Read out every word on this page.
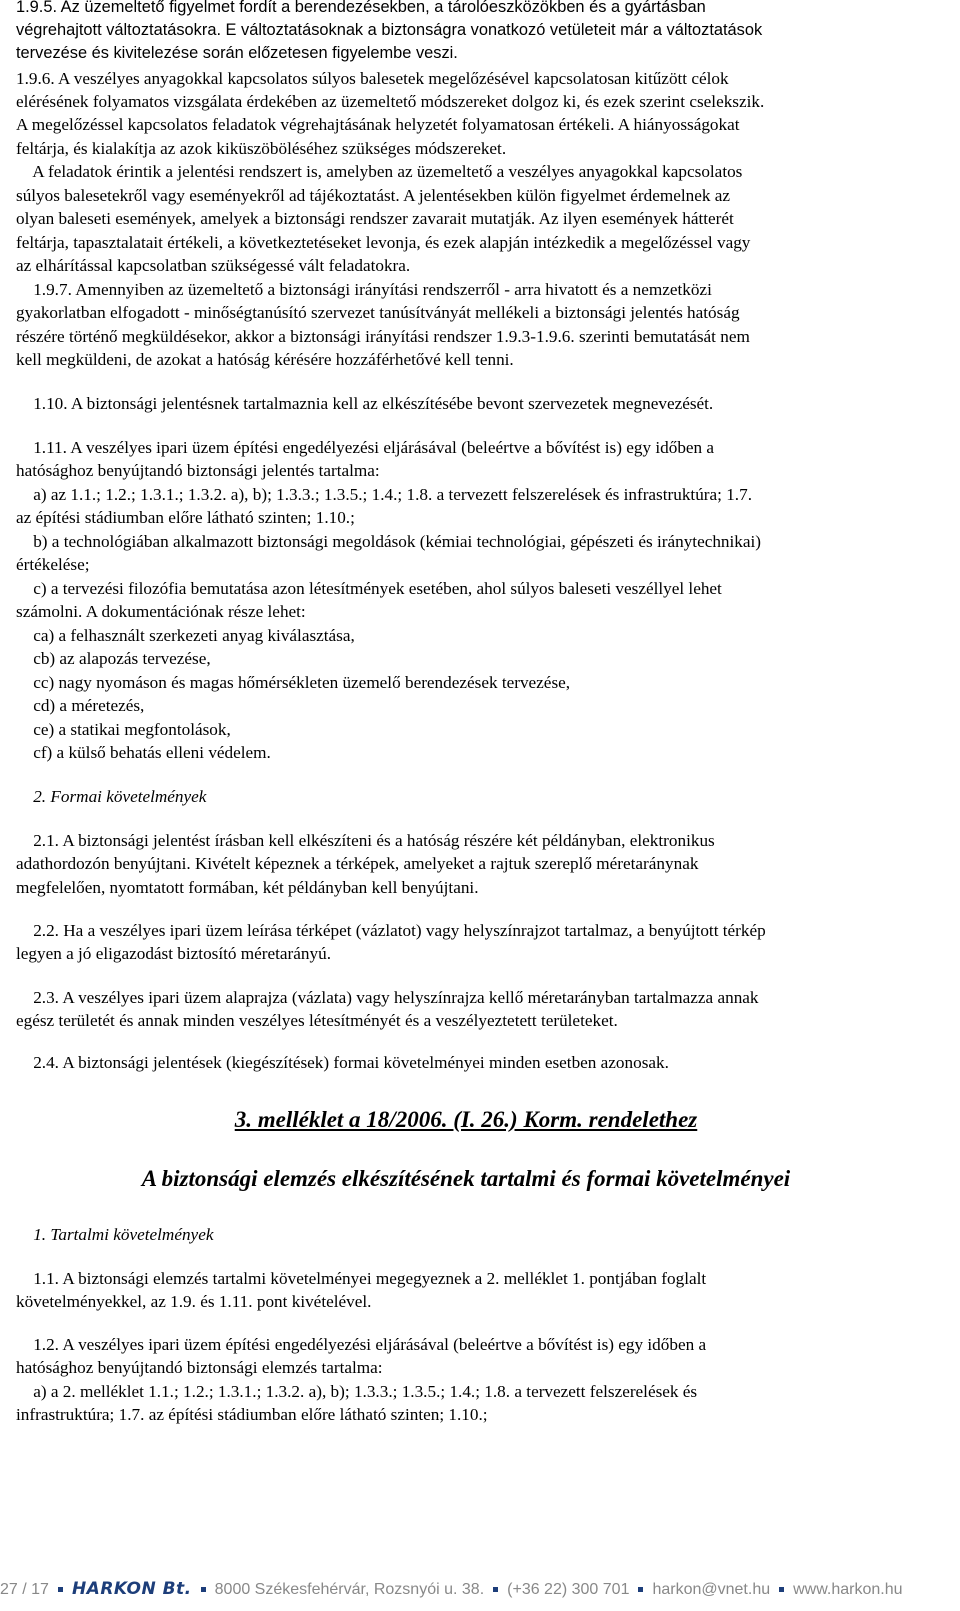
1.9.5. Az üzemeltető figyelmet fordít a berendezésekben, a tárolóeszközökben és a gyártásban

végrehajtott változtatásokra. E változtatásoknak a biztonságra vonatkozó vetületeit már a változtatások

tervezése és kivitelezése során előzetesen figyelembe veszi.

1.9.6. A veszélyes anyagokkal kapcsolatos súlyos balesetek megelőzésével kapcsolatosan kitűzött célok

elérésének folyamatos vizsgálata érdekében az üzemeltető módszereket dolgoz ki, és ezek szerint cselekszik.

A megelőzéssel kapcsolatos feladatok végrehajtásának helyzetét folyamatosan értékeli. A hiányosságokat

feltárja, és kialakítja az azok kiküszöböléséhez szükséges módszereket.

A feladatok érintik a jelentési rendszert is, amelyben az üzemeltető a veszélyes anyagokkal kapcsolatos

súlyos balesetekről vagy eseményekről ad tájékoztatást. A jelentésekben külön figyelmet érdemelnek az

olyan baleseti események, amelyek a biztonsági rendszer zavarait mutatják. Az ilyen események hátterét

feltárja, tapasztalatait értékeli, a következtetéseket levonja, és ezek alapján intézkedik a megelőzéssel vagy

az elhárítással kapcsolatban szükségessé vált feladatokra.

1.9.7. Amennyiben az üzemeltető a biztonsági irányítási rendszerről - arra hivatott és a nemzetközi

gyakorlatban elfogadott - minőségtanúsító szervezet tanúsítványát mellékeli a biztonsági jelentés hatóság

részére történő megküldésekor, akkor a biztonsági irányítási rendszer 1.9.3-1.9.6. szerinti bemutatását nem

kell megküldeni, de azokat a hatóság kérésére hozzáférhetővé kell tenni.

1.10. A biztonsági jelentésnek tartalmaznia kell az elkészítésébe bevont szervezetek megnevezését.

1.11. A veszélyes ipari üzem építési engedélyezési eljárásával (beleértve a bővítést is) egy időben a

hatósághoz benyújtandó biztonsági jelentés tartalma:

a) az 1.1.; 1.2.; 1.3.1.; 1.3.2. a), b); 1.3.3.; 1.3.5.; 1.4.; 1.8. a tervezett felszerelések és infrastruktúra; 1.7.

az építési stádiumban előre látható szinten; 1.10.;

b) a technológiában alkalmazott biztonsági megoldások (kémiai technológiai, gépészeti és iránytechnikai)

értékelése;

c) a tervezési filozófia bemutatása azon létesítmények esetében, ahol súlyos baleseti veszéllyel lehet

számolni. A dokumentációnak része lehet:

ca) a felhasznált szerkezeti anyag kiválasztása,

cb) az alapozás tervezése,

cc) nagy nyomáson és magas hőmérsékleten üzemelő berendezések tervezése,

cd) a méretezés,

ce) a statikai megfontolások,

cf) a külső behatás elleni védelem.

2. Formai követelmények

2.1. A biztonsági jelentést írásban kell elkészíteni és a hatóság részére két példányban, elektronikus

adathordozón benyújtani. Kivételt képeznek a térképek, amelyeket a rajtuk szereplő méretaránynak

megfelelően, nyomtatott formában, két példányban kell benyújtani.

2.2. Ha a veszélyes ipari üzem leírása térképet (vázlatot) vagy helyszínrajzot tartalmaz, a benyújtott térkép

legyen a jó eligazodást biztosító méretarányú.

2.3. A veszélyes ipari üzem alaprajza (vázlata) vagy helyszínrajza kellő méretarányban tartalmazza annak

egész területét és annak minden veszélyes létesítményét és a veszélyeztetett területeket.

2.4. A biztonsági jelentések (kiegészítések) formai követelményei minden esetben azonosak.

3. melléklet a 18/2006. (I. 26.) Korm. rendelethez

A biztonsági elemzés elkészítésének tartalmi és formai követelményei

1. Tartalmi követelmények

1.1. A biztonsági elemzés tartalmi követelményei megegyeznek a 2. melléklet 1. pontjában foglalt

követelményekkel, az 1.9. és 1.11. pont kivételével.

1.2. A veszélyes ipari üzem építési engedélyezési eljárásával (beleértve a bővítést is) egy időben a

hatósághoz benyújtandó biztonsági elemzés tartalma:

a) a 2. melléklet 1.1.; 1.2.; 1.3.1.; 1.3.2. a), b); 1.3.3.; 1.3.5.; 1.4.; 1.8. a tervezett felszerelések és

infrastruktúra; 1.7. az építési stádiumban előre látható szinten; 1.10.;

27 / 17 HARKON Bt. 8000 Székesfehérvár, Rozsnyói u. 38. (+36 22) 300 701 harkon@vnet.hu www.harkon.hu
